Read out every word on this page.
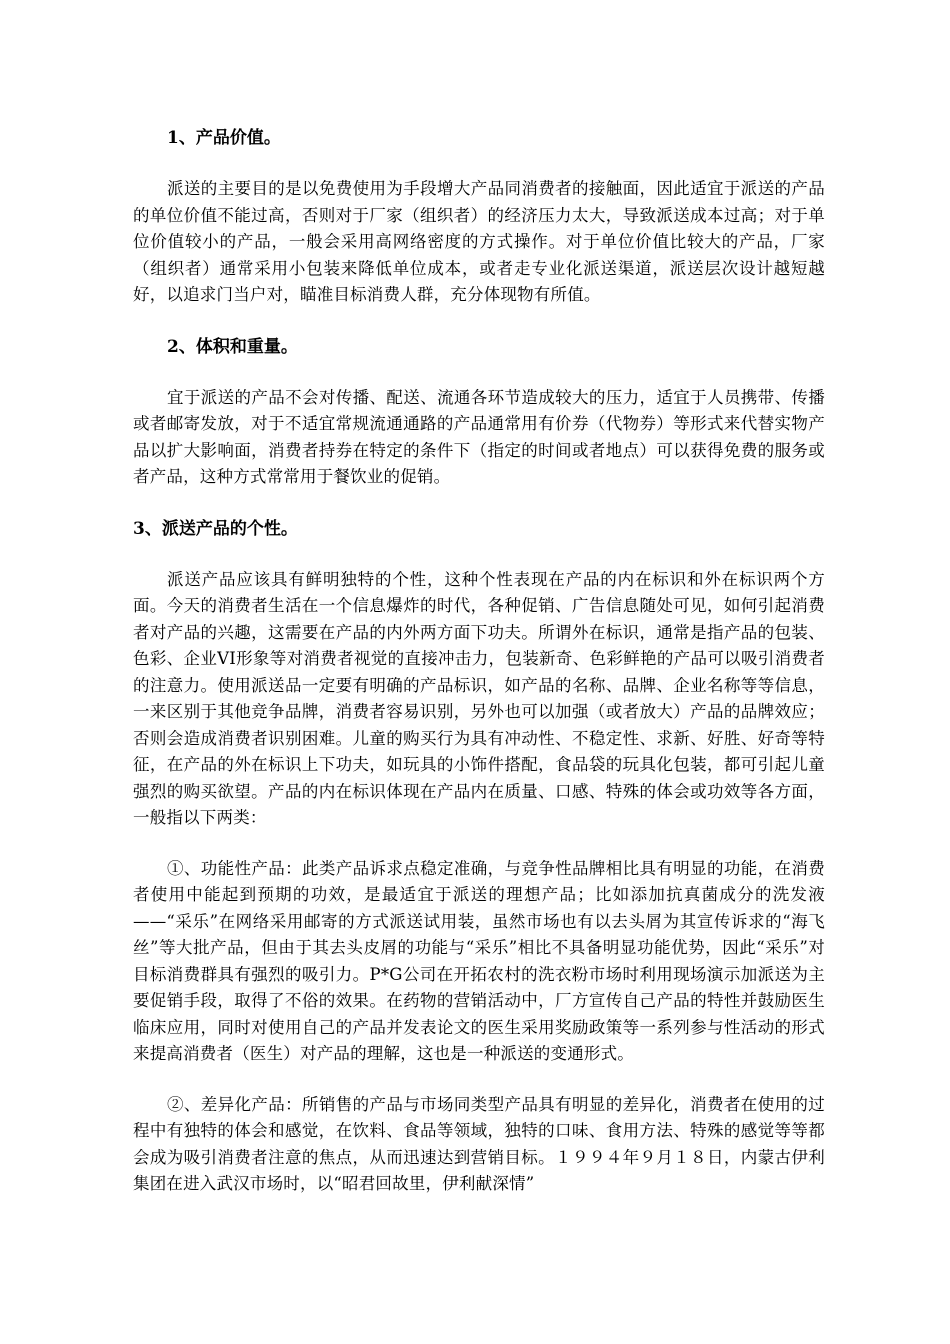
1、产品价值。

派送的主要目的是以免费使用为手段增大产品同消费者的接触面，因此适宜于派送的产品的单位价值不能过高，否则对于厂家（组织者）的经济压力太大，导致派送成本过高；对于单位价值较小的产品，一般会采用高网络密度的方式操作。对于单位价值比较大的产品，厂家（组织者）通常采用小包装来降低单位成本，或者走专业化派送渠道，派送层次设计越短越好，以追求门当户对，瞄准目标消费人群，充分体现物有所值。

2、体积和重量。

宜于派送的产品不会对传播、配送、流通各环节造成较大的压力，适宜于人员携带、传播或者邮寄发放，对于不适宜常规流通通路的产品通常用有价券（代物券）等形式来代替实物产品以扩大影响面，消费者持券在特定的条件下（指定的时间或者地点）可以获得免费的服务或者产品，这种方式常常用于餐饮业的促销。

3、派送产品的个性。

派送产品应该具有鲜明独特的个性，这种个性表现在产品的内在标识和外在标识两个方面。今天的消费者生活在一个信息爆炸的时代，各种促销、广告信息随处可见，如何引起消费者对产品的兴趣，这需要在产品的内外两方面下功夫。所谓外在标识，通常是指产品的包装、色彩、企业VI形象等对消费者视觉的直接冲击力，包装新奇、色彩鲜艳的产品可以吸引消费者的注意力。使用派送品一定要有明确的产品标识，如产品的名称、品牌、企业名称等等信息，一来区别于其他竞争品牌，消费者容易识别，另外也可以加强（或者放大）产品的品牌效应；否则会造成消费者识别困难。儿童的购买行为具有冲动性、不稳定性、求新、好胜、好奇等特征，在产品的外在标识上下功夫，如玩具的小饰件搭配，食品袋的玩具化包装，都可引起儿童强烈的购买欲望。产品的内在标识体现在产品内在质量、口感、特殊的体会或功效等各方面，一般指以下两类：

①、功能性产品：此类产品诉求点稳定准确，与竞争性品牌相比具有明显的功能，在消费者使用中能起到预期的功效，是最适宜于派送的理想产品；比如添加抗真菌成分的洗发液——“采乐”在网络采用邮寄的方式派送试用装，虽然市场也有以去头屑为其宣传诉求的“海飞丝”等大批产品，但由于其去头皮屑的功能与“采乐”相比不具备明显功能优势，因此“采乐”对目标消费群具有强烈的吸引力。P*G公司在开拓农村的洗衣粉市场时利用现场演示加派送为主要促销手段，取得了不俗的效果。在药物的营销活动中，厂方宣传自己产品的特性并鼓励医生临床应用，同时对使用自己的产品并发表论文的医生采用奖励政策等一系列参与性活动的形式来提高消费者（医生）对产品的理解，这也是一种派送的变通形式。

②、差异化产品：所销售的产品与市场同类型产品具有明显的差异化，消费者在使用的过程中有独特的体会和感觉，在饮料、食品等领域，独特的口味、食用方法、特殊的感觉等等都会成为吸引消费者注意的焦点，从而迅速达到营销目标。１９９４年９月１８日，内蒙古伊利集团在进入武汉市场时，以“昭君回故里，伊利献深情”
